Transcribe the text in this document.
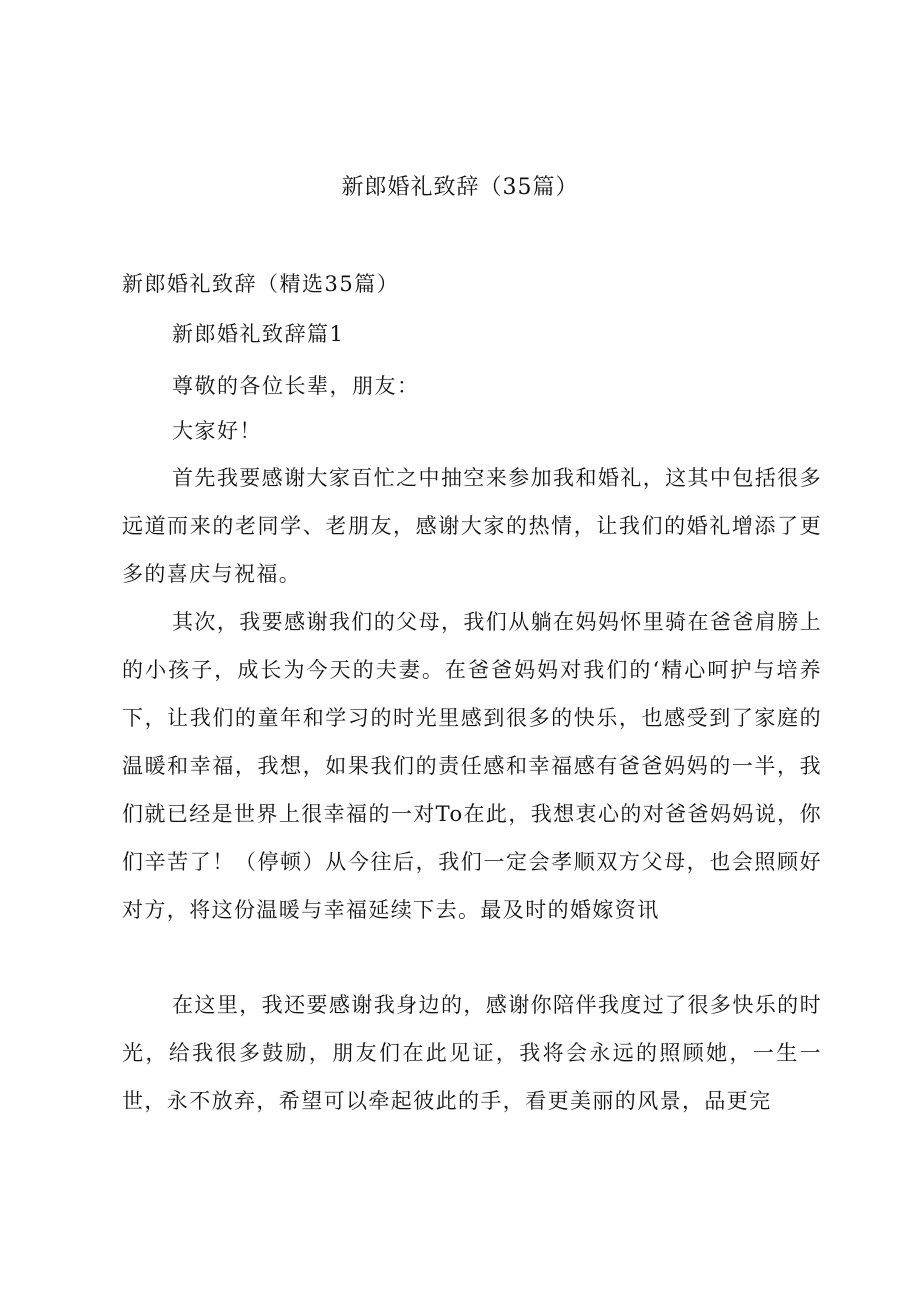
新郎婚礼致辞（35篇）
新郎婚礼致辞（精选35篇）
新郎婚礼致辞篇1
尊敬的各位长辈，朋友：
大家好！

首先我要感谢大家百忙之中抽空来参加我和婚礼，这其中包括很多远道而来的老同学、老朋友，感谢大家的热情，让我们的婚礼增添了更多的喜庆与祝福。

其次，我要感谢我们的父母，我们从躺在妈妈怀里骑在爸爸肩膀上的小孩子，成长为今天的夫妻。在爸爸妈妈对我们的‘精心呵护与培养下，让我们的童年和学习的时光里感到很多的快乐，也感受到了家庭的温暖和幸福，我想，如果我们的责任感和幸福感有爸爸妈妈的一半，我们就已经是世界上很幸福的一对To在此，我想衷心的对爸爸妈妈说，你们辛苦了！（停顿）从今往后，我们一定会孝顺双方父母，也会照顾好对方，将这份温暖与幸福延续下去。最及时的婚嫁资讯

在这里，我还要感谢我身边的，感谢你陪伴我度过了很多快乐的时光，给我很多鼓励，朋友们在此见证，我将会永远的照顾她，一生一世，永不放弃，希望可以牵起彼此的手，看更美丽的风景，品更完
